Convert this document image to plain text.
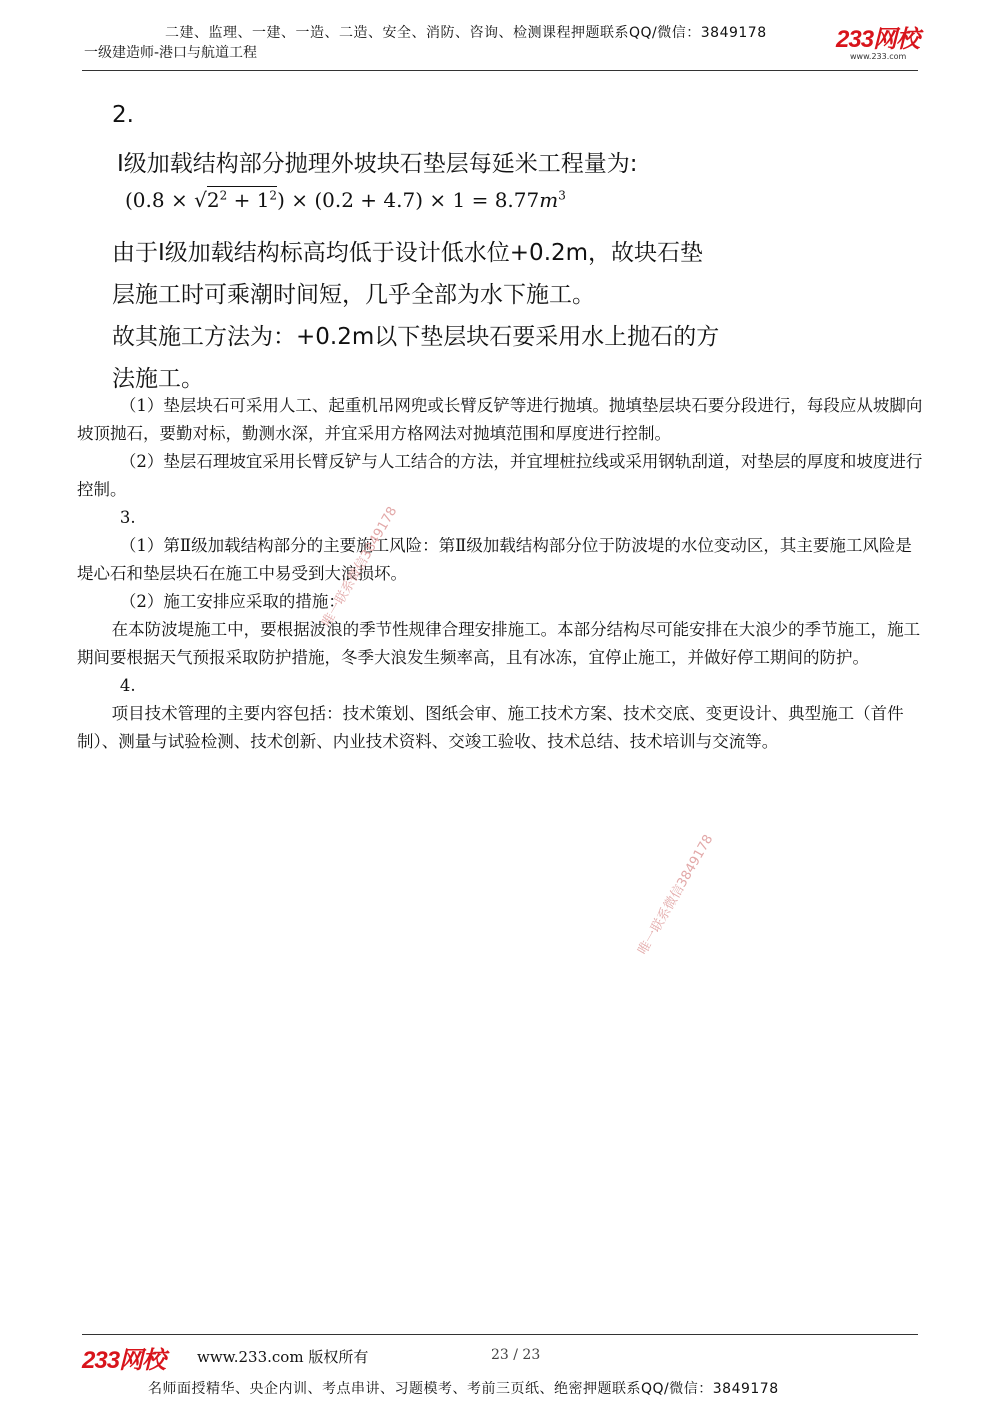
二建、监理、一建、一造、二造、安全、消防、咨询、检测课程押题联系QQ/微信：3849178
一级建造师-港口与航道工程	233网校
www.233.com
2.
Ⅰ级加载结构部分抛理外坡块石垫层每延米工程量为:
$(0.8 \times √2^2 + 1^2) \times (0.2 + 4.7) \times 1 = 8.77m^3$
由于Ⅰ级加载结构标高均低于设计低水位+0.2m，故块石垫
层施工时可乘潮时间短，几乎全部为水下施工。
故其施工方法为：+0.2m以下垫层块石要采用水上抛石的方
法施工。

（1）垫层块石可采用人工、起重机吊网兜或长臂反铲等进行抛填。抛填垫层块石要分段进行，每段应从坡脚向坡顶抛石，要勤对标，勤测水深，并宜采用方格网法对抛填范围和厚度进行控制。

（2）垫层石理坡宜采用长臂反铲与人工结合的方法，并宜埋桩拉线或采用钢轨刮道，对垫层的厚度和坡度进行控制。

3.

（1）第Ⅱ级加载结构部分的主要施工风险：第Ⅱ级加载结构部分位于防波堤的水位变动区，其主要施工风险是堤心石和垫层块石在施工中易受到大浪损坏。

（2）施工安排应采取的措施：

在本防波堤施工中，要根据波浪的季节性规律合理安排施工。本部分结构尽可能安排在大浪少的季节施工，施工期间要根据天气预报采取防护措施，冬季大浪发生频率高，且有冰冻，宜停止施工，并做好停工期间的防护。

4.

项目技术管理的主要内容包括：技术策划、图纸会审、施工技术方案、技术交底、变更设计、典型施工（首件制）、测量与试验检测、技术创新、内业技术资料、交竣工验收、技术总结、技术培训与交流等。

唯一联系微信3849178
唯一联系微信3849178
233网校 www.233.com 版权所有	23 / 23
名师面授精华、央企内训、考点串讲、习题模考、考前三页纸、绝密押题联系QQ/微信：3849178
